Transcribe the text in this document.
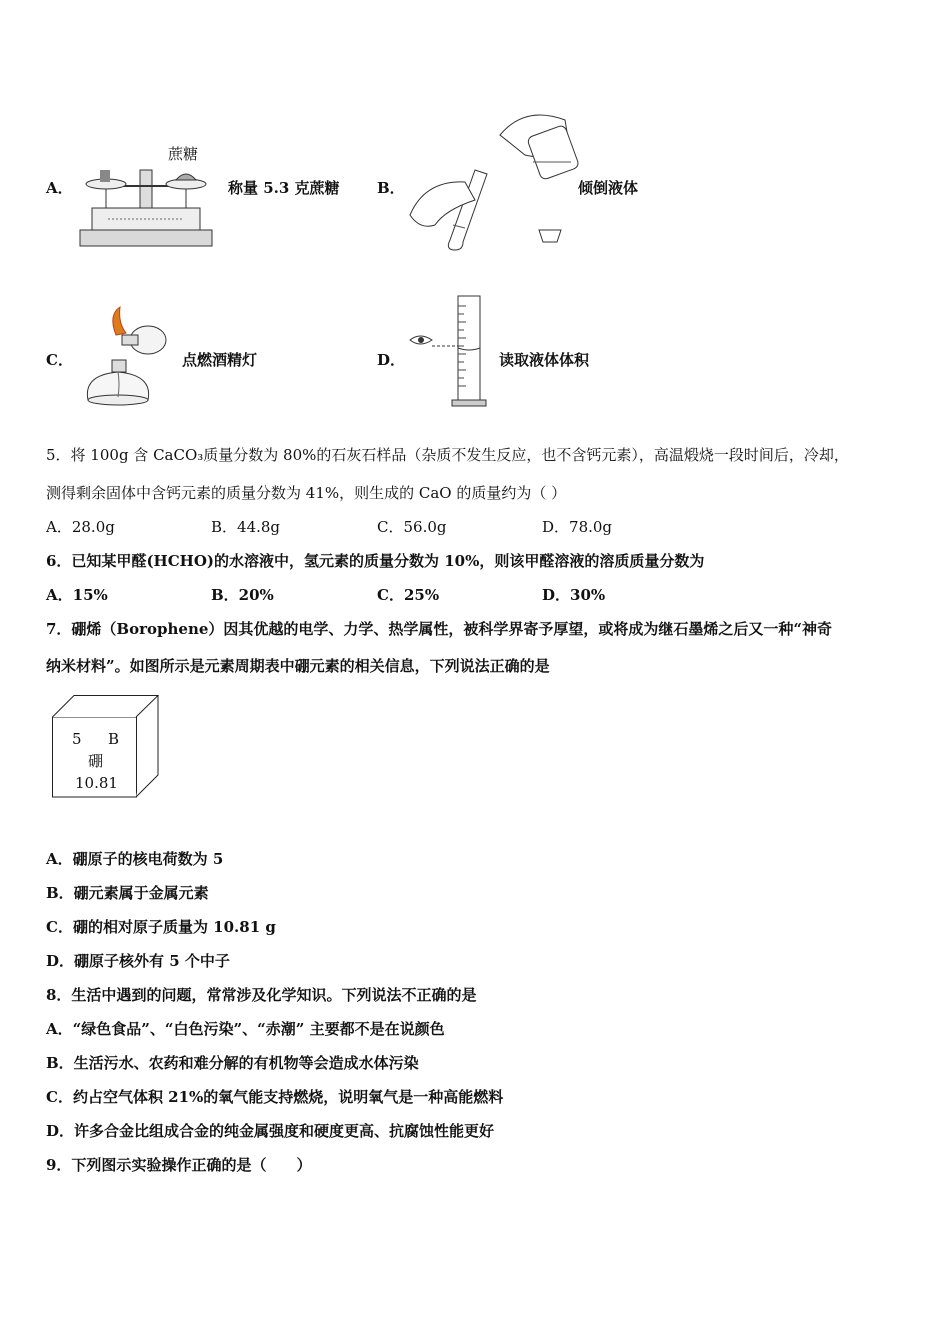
A．
蔗糖
称量 5.3 克蔗糖 B．	倾倒液体
C．	点燃酒精灯	D．	读取液体体积
5．将 100g 含 CaCO₃质量分数为 80%的石灰石样品（杂质不发生反应，也不含钙元素），高温煅烧一段时间后，冷却，
测得剩余固体中含钙元素的质量分数为 41%，则生成的 CaO 的质量约为（ ）
A．28.0g	B．44.8g	C．56.0g	D．78.0g
6．已知某甲醛(HCHO)的水溶液中，氢元素的质量分数为 10%，则该甲醛溶液的溶质质量分数为
A．15%	B．20%	C．25%	D．30%
7．硼烯（Borophene）因其优越的电学、力学、热学属性，被科学界寄予厚望，或将成为继石墨烯之后又一种“神奇
纳米材料”。如图所示是元素周期表中硼元素的相关信息，下列说法正确的是
5 B
硼
10.81
A．硼原子的核电荷数为 5
B．硼元素属于金属元素
C．硼的相对原子质量为 10.81 g
D．硼原子核外有 5 个中子
8．生活中遇到的问题，常常涉及化学知识。下列说法不正确的是
A．“绿色食品”、“白色污染”、“赤潮” 主要都不是在说颜色
B．生活污水、农药和难分解的有机物等会造成水体污染
C．约占空气体积 21%的氧气能支持燃烧，说明氧气是一种高能燃料
D．许多合金比组成合金的纯金属强度和硬度更高、抗腐蚀性能更好
9．下列图示实验操作正确的是（　　）
